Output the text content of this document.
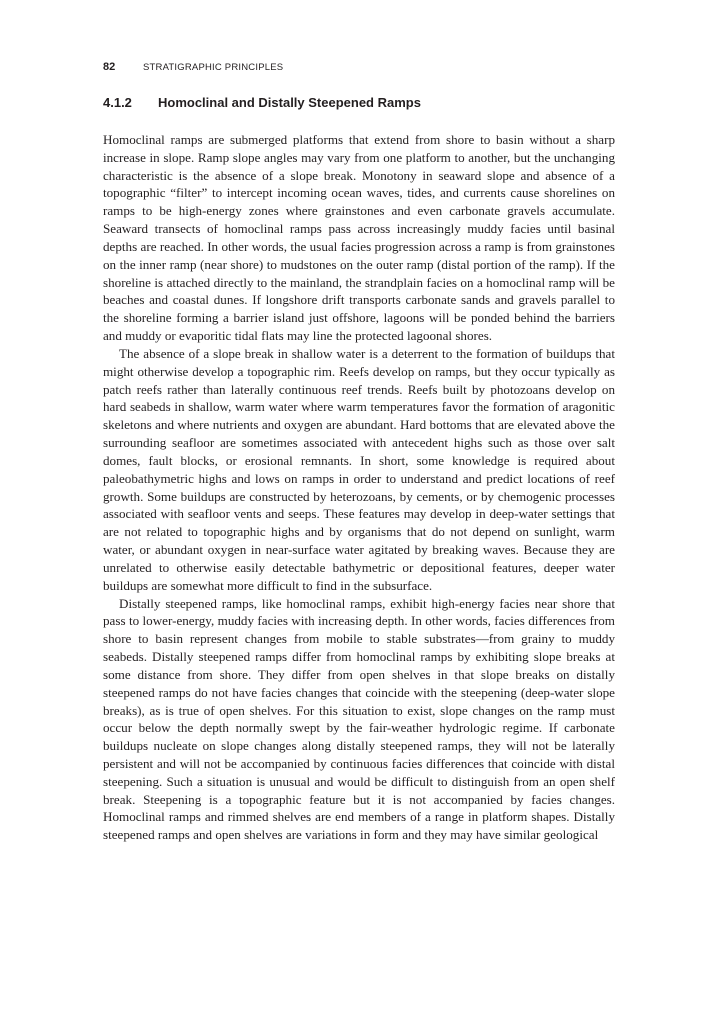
82	STRATIGRAPHIC PRINCIPLES
4.1.2 Homoclinal and Distally Steepened Ramps

Homoclinal ramps are submerged platforms that extend from shore to basin without a sharp increase in slope. Ramp slope angles may vary from one platform to another, but the unchanging characteristic is the absence of a slope break. Monotony in seaward slope and absence of a topographic “filter” to intercept incoming ocean waves, tides, and currents cause shorelines on ramps to be high-energy zones where grainstones and even carbonate gravels accumulate. Seaward transects of homoclinal ramps pass across increasingly muddy facies until basinal depths are reached. In other words, the usual facies progression across a ramp is from grainstones on the inner ramp (near shore) to mudstones on the outer ramp (distal portion of the ramp). If the shoreline is attached directly to the mainland, the strandplain facies on a homoclinal ramp will be beaches and coastal dunes. If longshore drift transports carbonate sands and gravels parallel to the shoreline forming a barrier island just offshore, lagoons will be ponded behind the barriers and muddy or evaporitic tidal flats may line the protected lagoonal shores.

The absence of a slope break in shallow water is a deterrent to the formation of buildups that might otherwise develop a topographic rim. Reefs develop on ramps, but they occur typically as patch reefs rather than laterally continuous reef trends. Reefs built by photozoans develop on hard seabeds in shallow, warm water where warm temperatures favor the formation of aragonitic skeletons and where nutrients and oxygen are abundant. Hard bottoms that are elevated above the surrounding seafloor are sometimes associated with antecedent highs such as those over salt domes, fault blocks, or erosional remnants. In short, some knowledge is required about paleobathymetric highs and lows on ramps in order to understand and predict locations of reef growth. Some buildups are constructed by heterozoans, by cements, or by chemogenic processes associated with seafloor vents and seeps. These features may develop in deep-water settings that are not related to topographic highs and by organisms that do not depend on sunlight, warm water, or abundant oxygen in near-surface water agitated by breaking waves. Because they are unrelated to otherwise easily detectable bathymetric or depositional features, deeper water buildups are somewhat more difficult to find in the subsurface.

Distally steepened ramps, like homoclinal ramps, exhibit high-energy facies near shore that pass to lower-energy, muddy facies with increasing depth. In other words, facies differences from shore to basin represent changes from mobile to stable substrates—from grainy to muddy seabeds. Distally steepened ramps differ from homoclinal ramps by exhibiting slope breaks at some distance from shore. They differ from open shelves in that slope breaks on distally steepened ramps do not have facies changes that coincide with the steepening (deep-water slope breaks), as is true of open shelves. For this situation to exist, slope changes on the ramp must occur below the depth normally swept by the fair-weather hydrologic regime. If carbonate buildups nucleate on slope changes along distally steepened ramps, they will not be laterally persistent and will not be accompanied by continuous facies differences that coincide with distal steepening. Such a situation is unusual and would be difficult to distinguish from an open shelf break. Steepening is a topographic feature but it is not accompanied by facies changes. Homoclinal ramps and rimmed shelves are end members of a range in platform shapes. Distally steepened ramps and open shelves are variations in form and they may have similar geological
